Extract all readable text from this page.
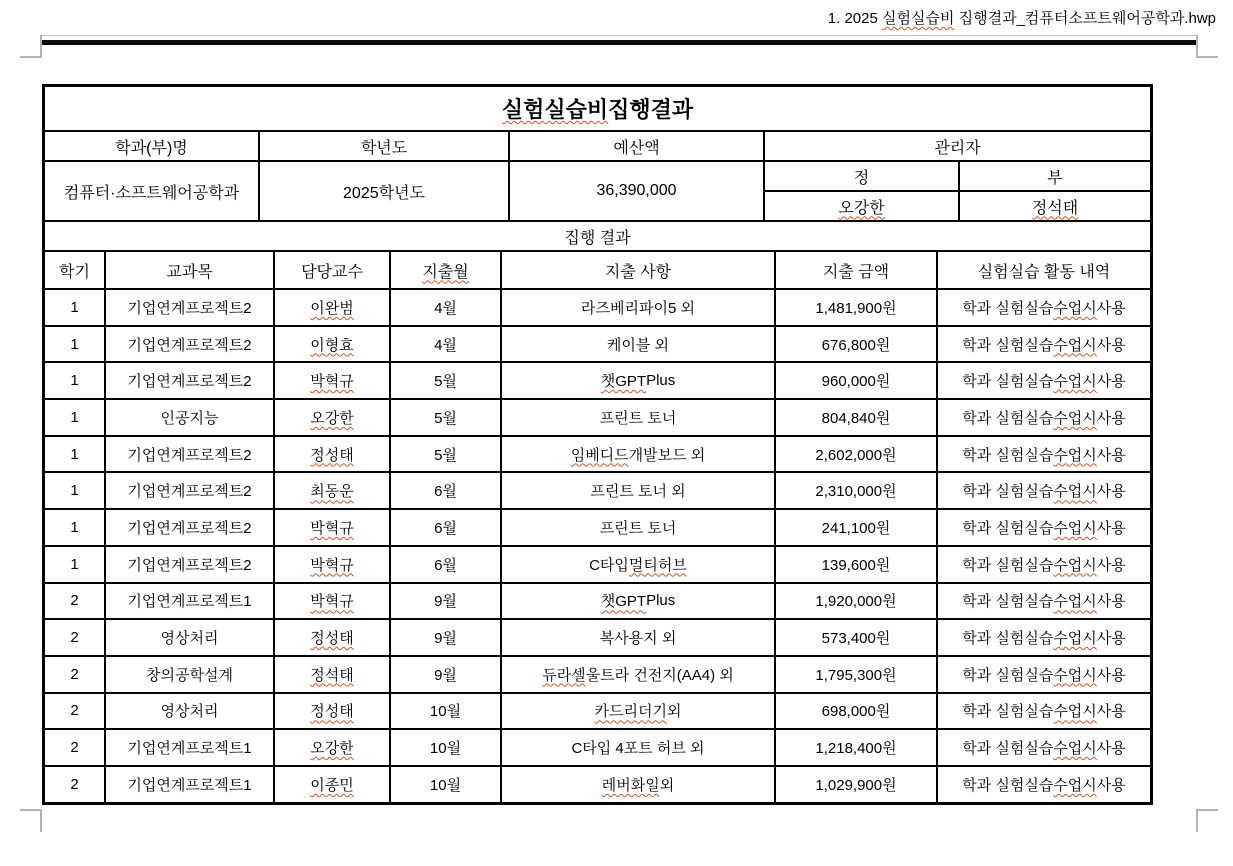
1. 2025 실험실습비 집행결과_컴퓨터소프트웨어공학과.hwp
실험실습비 집행결과
학과(부)명	학년도	예산액	관리자
컴퓨터·소프트웨어공학과	2025학년도	36,390,000
정	부
오강한	정석태
집행 결과
학기	교과목	담당교수	지출월	지출 사항	지출 금액	실험실습 활동 내역
1	기업연계프로젝트2	이완범	4월	라즈베리파이5 외	1,481,900원	학과 실험실습 수업시 사용
1	기업연계프로젝트2	이형효	4월	케이블 외	676,800원	학과 실험실습 수업시 사용
1	기업연계프로젝트2	박혁규	5월	챗GPT Plus	960,000원	학과 실험실습 수업시 사용
1	인공지능	오강한	5월	프린트 토너	804,840원	학과 실험실습 수업시 사용
1	기업연계프로젝트2	정성태	5월	임베디드 개발보드 외	2,602,000원	학과 실험실습 수업시 사용
1	기업연계프로젝트2	최동운	6월	프린트 토너 외	2,310,000원	학과 실험실습 수업시 사용
1	기업연계프로젝트2	박혁규	6월	프린트 토너	241,100원	학과 실험실습 수업시 사용
1	기업연계프로젝트2	박혁규	6월	C타입 멀티허브	139,600원	학과 실험실습 수업시 사용
2	기업연계프로젝트1	박혁규	9월	챗GPT Plus	1,920,000원	학과 실험실습 수업시 사용
2	영상처리	정성태	9월	복사용지 외	573,400원	학과 실험실습 수업시 사용
2	창의공학설계	정석태	9월	듀라셀 울트라 건전지(AA4) 외	1,795,300원	학과 실험실습 수업시 사용
2	영상처리	정성태	10월	카드리더기 외	698,000원	학과 실험실습 수업시 사용
2	기업연계프로젝트1	오강한	10월	C타입 4포트 허브 외	1,218,400원	학과 실험실습 수업시 사용
2	기업연계프로젝트1	이종민	10월	레버화일 외	1,029,900원	학과 실험실습 수업시 사용
